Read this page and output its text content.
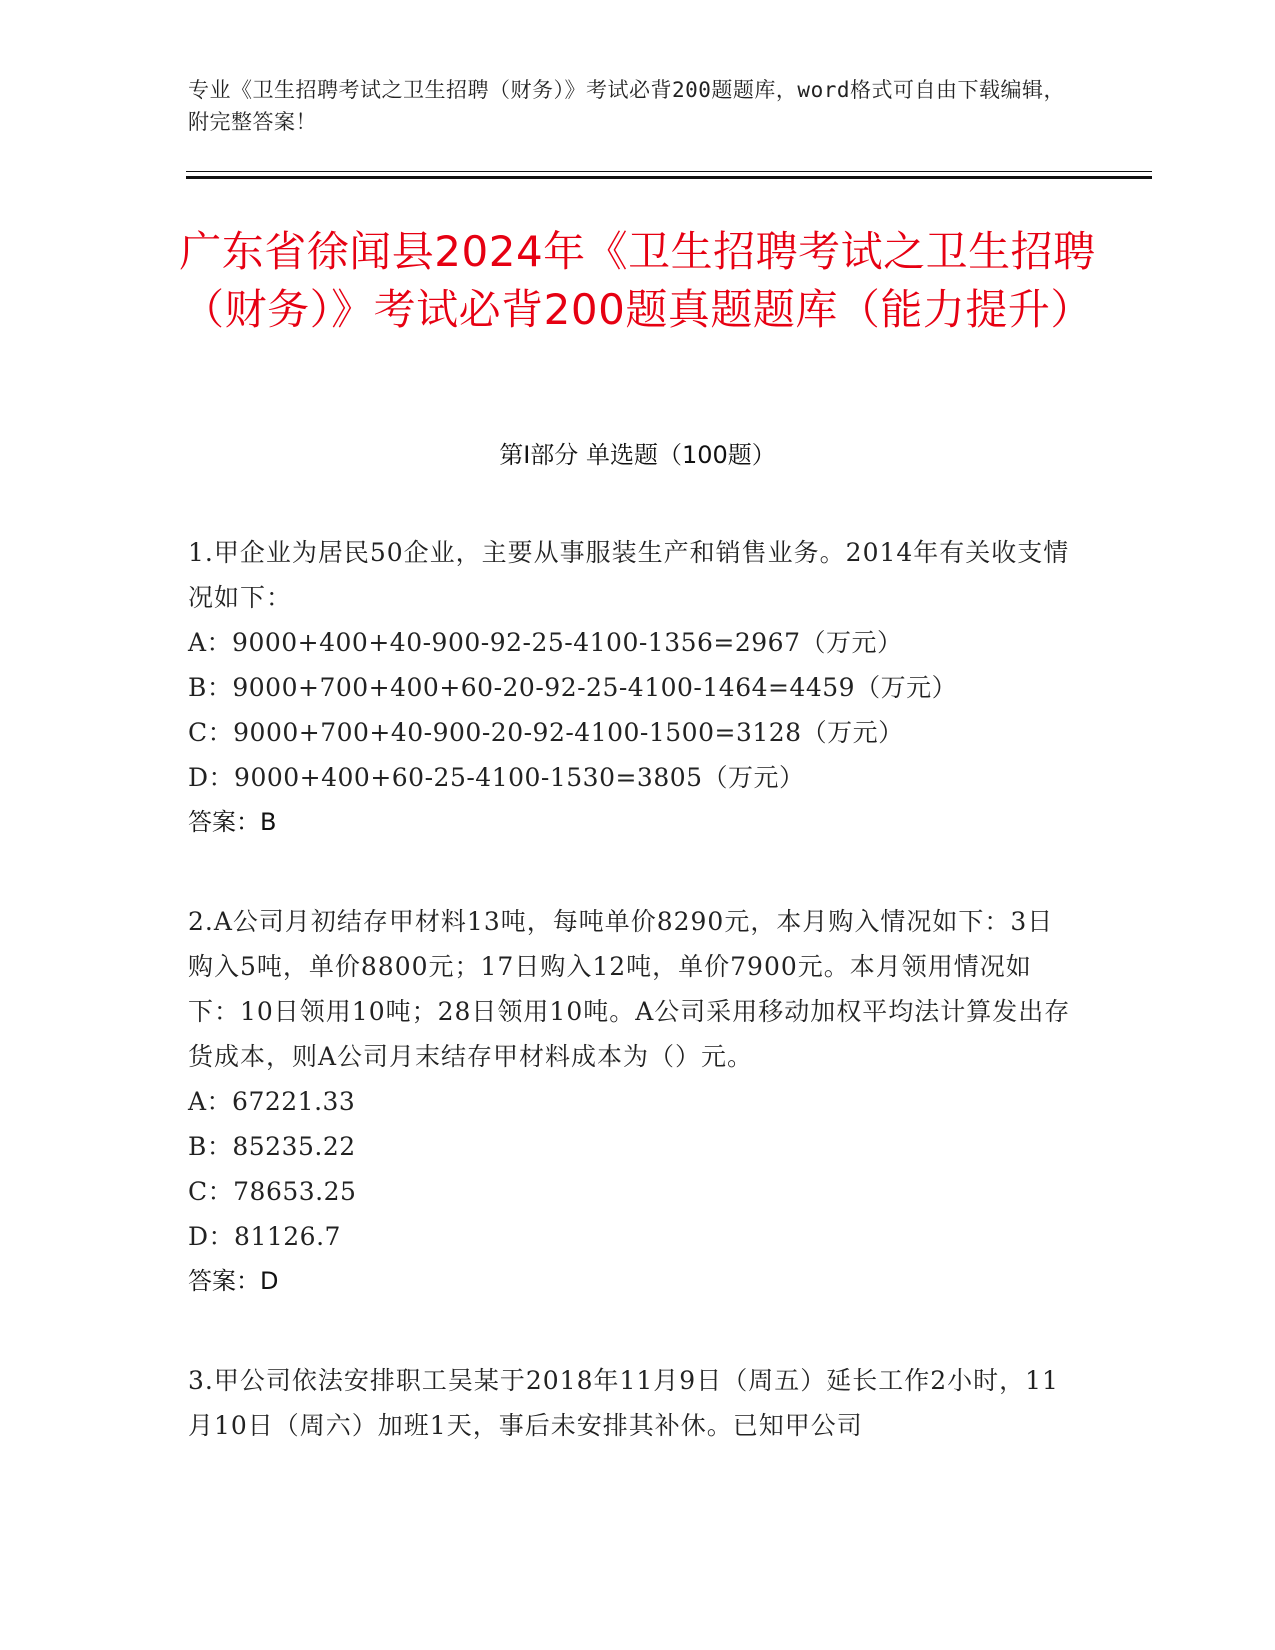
专业《卫生招聘考试之卫生招聘（财务）》考试必背200题题库，word格式可自由下载编辑，附完整答案！
广东省徐闻县2024年《卫生招聘考试之卫生招聘（财务）》考试必背200题真题题库（能力提升）
第I部分 单选题（100题）
1.甲企业为居民50企业，主要从事服装生产和销售业务。2014年有关收支情况如下：
A：9000+400+40-900-92-25-4100-1356=2967（万元）
B：9000+700+400+60-20-92-25-4100-1464=4459（万元）
C：9000+700+40-900-20-92-4100-1500=3128（万元）
D：9000+400+60-25-4100-1530=3805（万元）
答案：B
2.A公司月初结存甲材料13吨，每吨单价8290元，本月购入情况如下：3日购入5吨，单价8800元；17日购入12吨，单价7900元。本月领用情况如下：10日领用10吨；28日领用10吨。A公司采用移动加权平均法计算发出存货成本，则A公司月末结存甲材料成本为（）元。
A：67221.33
B：85235.22
C：78653.25
D：81126.7
答案：D
3.甲公司依法安排职工吴某于2018年11月9日（周五）延长工作2小时，11月10日（周六）加班1天，事后未安排其补休。已知甲公司
